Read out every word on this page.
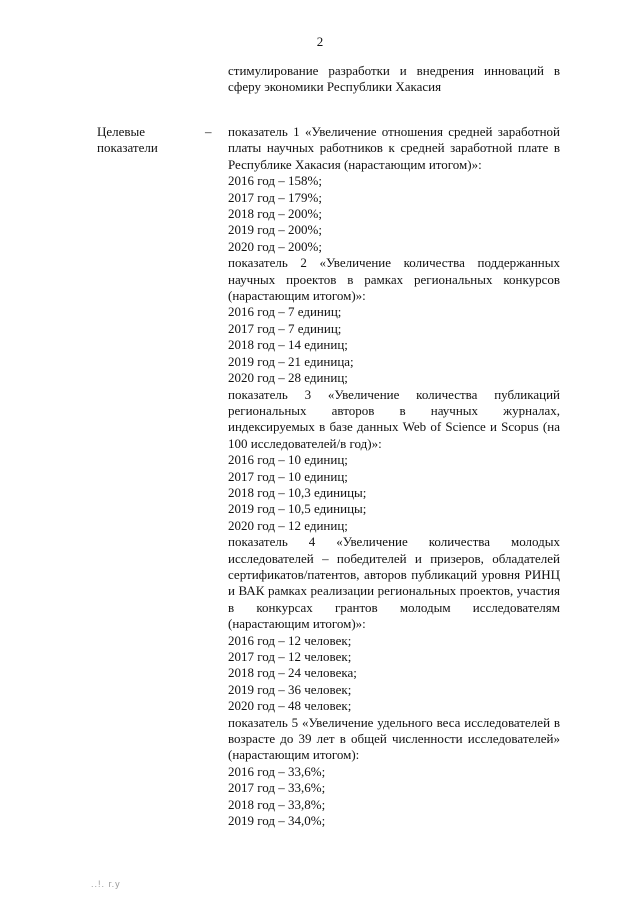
2
стимулирование разработки и внедрения инноваций в сферу экономики Республики Хакасия
Целевые показатели
– показатель 1 «Увеличение отношения средней заработной платы научных работников к средней заработной плате в Республике Хакасия (нарастающим итогом)»:
2016 год – 158%;
2017 год – 179%;
2018 год – 200%;
2019 год – 200%;
2020 год – 200%;
показатель 2 «Увеличение количества поддержанных научных проектов в рамках региональных конкурсов (нарастающим итогом)»:
2016 год – 7 единиц;
2017 год – 7 единиц;
2018 год – 14 единиц;
2019 год – 21 единица;
2020 год – 28 единиц;
показатель 3 «Увеличение количества публикаций региональных авторов в научных журналах, индексируемых в базе данных Web of Science и Scopus (на 100 исследователей/в год)»:
2016 год – 10 единиц;
2017 год – 10 единиц;
2018 год – 10,3 единицы;
2019 год – 10,5 единицы;
2020 год – 12 единиц;
показатель 4 «Увеличение количества молодых исследователей – победителей и призеров, обладателей сертификатов/патентов, авторов публикаций уровня РИНЦ и ВАК рамках реализации региональных проектов, участия в конкурсах грантов молодым исследователям (нарастающим итогом)»:
2016 год – 12 человек;
2017 год – 12 человек;
2018 год – 24 человека;
2019 год – 36 человек;
2020 год – 48 человек;
показатель 5 «Увеличение удельного веса исследователей в возрасте до 39 лет в общей численности исследователей» (нарастающим итогом):
2016 год – 33,6%;
2017 год – 33,6%;
2018 год – 33,8%;
2019 год – 34,0%;
..!. г.у
